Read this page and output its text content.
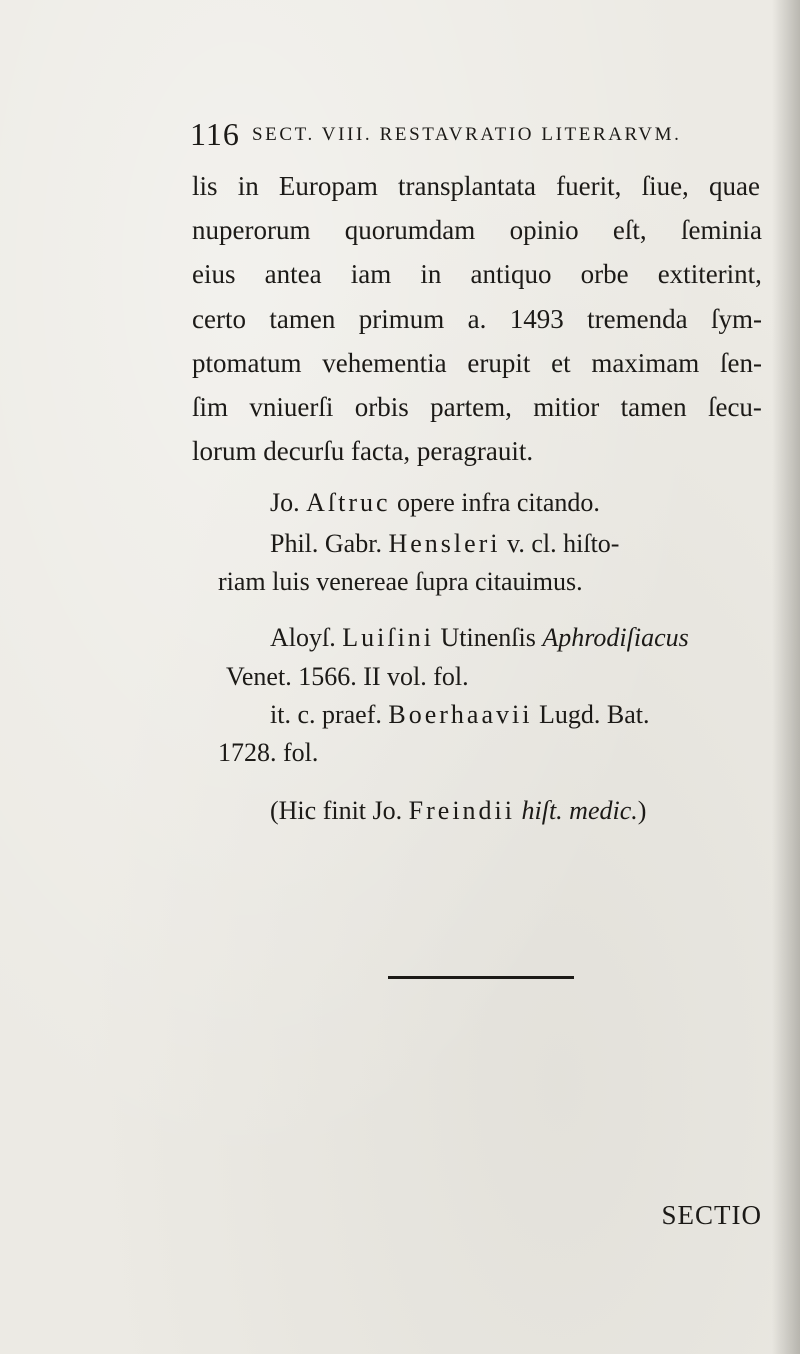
116 SECT. VIII. RESTAVRATIO LITERARVM.
lis in Europam transplantata fuerit, ſiue, quae
nuperorum quorumdam opinio eſt, ſeminia
eius antea iam in antiquo orbe extiterint,
certo tamen primum a. 1493 tremenda ſym-
ptomatum vehementia erupit et maximam ſen-
ſim vniuerſi orbis partem, mitior tamen ſecu-
lorum decurſu facta, peragrauit.
Jo. Aſtruc opere infra citando.
Phil. Gabr. Hensleri v. cl. hiſto-
riam luis venereae ſupra citauimus.
Aloyſ. Luiſini Utinenſis Aphrodiſiacus
Venet. 1566. II vol. fol.
it. c. praef. Boerhaavii Lugd. Bat.
1728. fol.
(Hic finit Jo. Freindii hiſt. medic.)
SECTIO
